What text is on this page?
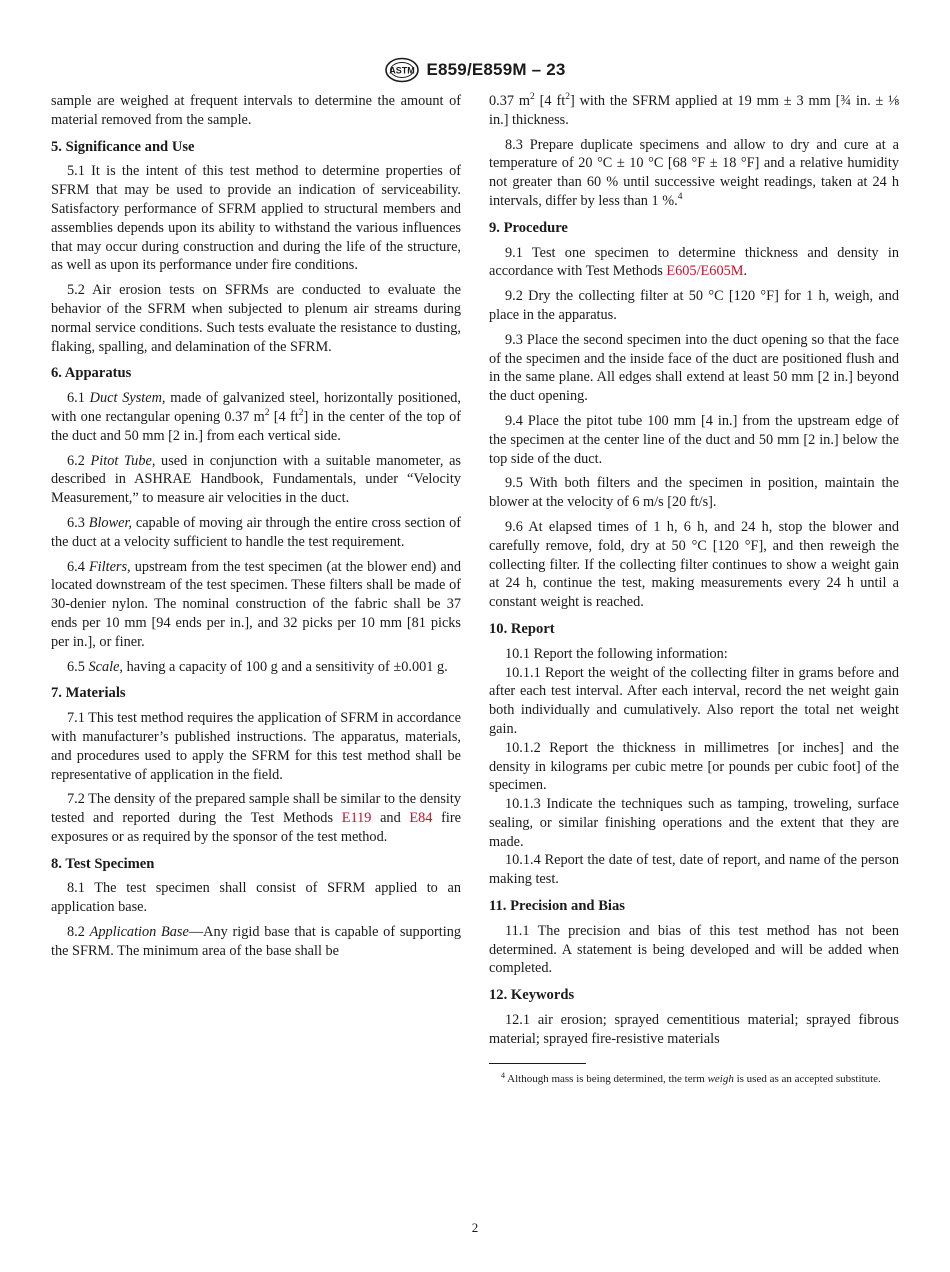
ASTM E859/E859M – 23

sample are weighed at frequent intervals to determine the amount of material removed from the sample.

5. Significance and Use

5.1 It is the intent of this test method to determine properties of SFRM that may be used to provide an indication of serviceability. Satisfactory performance of SFRM applied to structural members and assemblies depends upon its ability to withstand the various influences that may occur during construction and during the life of the structure, as well as upon its performance under fire conditions.

5.2 Air erosion tests on SFRMs are conducted to evaluate the behavior of the SFRM when subjected to plenum air streams during normal service conditions. Such tests evaluate the resistance to dusting, flaking, spalling, and delamination of the SFRM.

6. Apparatus

6.1 Duct System, made of galvanized steel, horizontally positioned, with one rectangular opening 0.37 $m^2$ [4 $ft^2$] in the center of the top of the duct and 50 mm [2 in.] from each vertical side.

6.2 Pitot Tube, used in conjunction with a suitable manometer, as described in ASHRAE Handbook, Fundamentals, under “Velocity Measurement,” to measure air velocities in the duct.

6.3 Blower, capable of moving air through the entire cross section of the duct at a velocity sufficient to handle the test requirement.

6.4 Filters, upstream from the test specimen (at the blower end) and located downstream of the test specimen. These filters shall be made of 30-denier nylon. The nominal construction of the fabric shall be 37 ends per 10 mm [94 ends per in.], and 32 picks per 10 mm [81 picks per in.], or finer.

6.5 Scale, having a capacity of 100 g and a sensitivity of ±0.001 g.

7. Materials

7.1 This test method requires the application of SFRM in accordance with manufacturer’s published instructions. The apparatus, materials, and procedures used to apply the SFRM for this test method shall be representative of application in the field.

7.2 The density of the prepared sample shall be similar to the density tested and reported during the Test Methods E119 and E84 fire exposures or as required by the sponsor of the test method.

8. Test Specimen

8.1 The test specimen shall consist of SFRM applied to an application base.

8.2 Application Base—Any rigid base that is capable of supporting the SFRM. The minimum area of the base shall be

0.37 $m^2$ [4 $ft^2$] with the SFRM applied at 19 mm ± 3 mm [¾ in. ± ⅛ in.] thickness.

8.3 Prepare duplicate specimens and allow to dry and cure at a temperature of 20 °C ± 10 °C [68 °F ± 18 °F] and a relative humidity not greater than 60 % until successive weight readings, taken at 24 h intervals, differ by less than 1 %.$^4$

9. Procedure

9.1 Test one specimen to determine thickness and density in accordance with Test Methods E605/E605M.

9.2 Dry the collecting filter at 50 °C [120 °F] for 1 h, weigh, and place in the apparatus.

9.3 Place the second specimen into the duct opening so that the face of the specimen and the inside face of the duct are positioned flush and in the same plane. All edges shall extend at least 50 mm [2 in.] beyond the duct opening.

9.4 Place the pitot tube 100 mm [4 in.] from the upstream edge of the specimen at the center line of the duct and 50 mm [2 in.] below the top side of the duct.

9.5 With both filters and the specimen in position, maintain the blower at the velocity of 6 m/s [20 ft/s].

9.6 At elapsed times of 1 h, 6 h, and 24 h, stop the blower and carefully remove, fold, dry at 50 °C [120 °F], and then reweigh the collecting filter. If the collecting filter continues to show a weight gain at 24 h, continue the test, making measurements every 24 h until a constant weight is reached.

10. Report

10.1 Report the following information:

10.1.1 Report the weight of the collecting filter in grams before and after each test interval. After each interval, record the net weight gain both individually and cumulatively. Also report the total net weight gain.

10.1.2 Report the thickness in millimetres [or inches] and the density in kilograms per cubic metre [or pounds per cubic foot] of the specimen.

10.1.3 Indicate the techniques such as tamping, troweling, surface sealing, or similar finishing operations and the extent that they are made.

10.1.4 Report the date of test, date of report, and name of the person making test.

11. Precision and Bias

11.1 The precision and bias of this test method has not been determined. A statement is being developed and will be added when completed.

12. Keywords

12.1 air erosion; sprayed cementitious material; sprayed fibrous material; sprayed fire-resistive materials

$^4$ Although mass is being determined, the term weigh is used as an accepted substitute.
2
